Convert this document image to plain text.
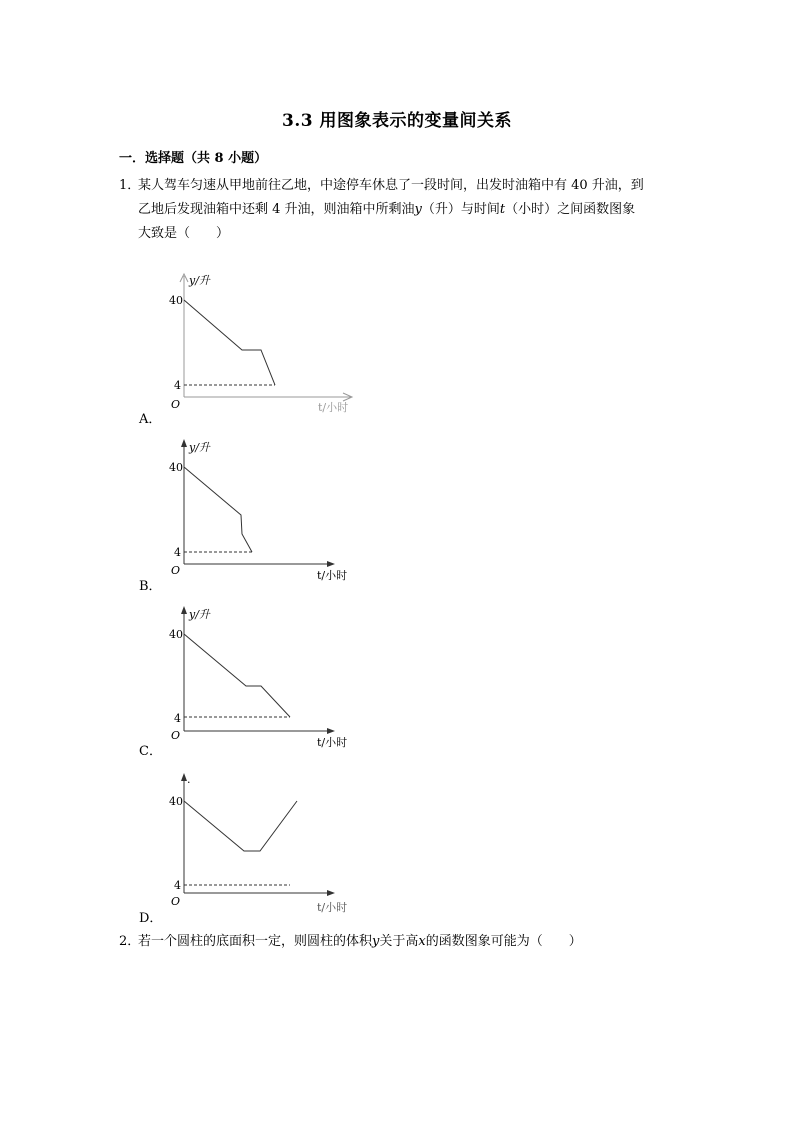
3.3 用图象表示的变量间关系
一．选择题（共 8 小题）
1．某人驾车匀速从甲地前往乙地，中途停车休息了一段时间，出发时油箱中有 40 升油，到
乙地后发现油箱中还剩 4 升油，则油箱中所剩油y（升）与时间t（小时）之间函数图象
大致是（　　）
y/升
40
4
O	t/小时
A．
y/升
40
4
O	t/小时
B．
y/升
40
4
O
t/小时
C．
.
40
4
O	t/小时
D．
2．若一个圆柱的底面积一定，则圆柱的体积y关于高x的函数图象可能为（　　）
